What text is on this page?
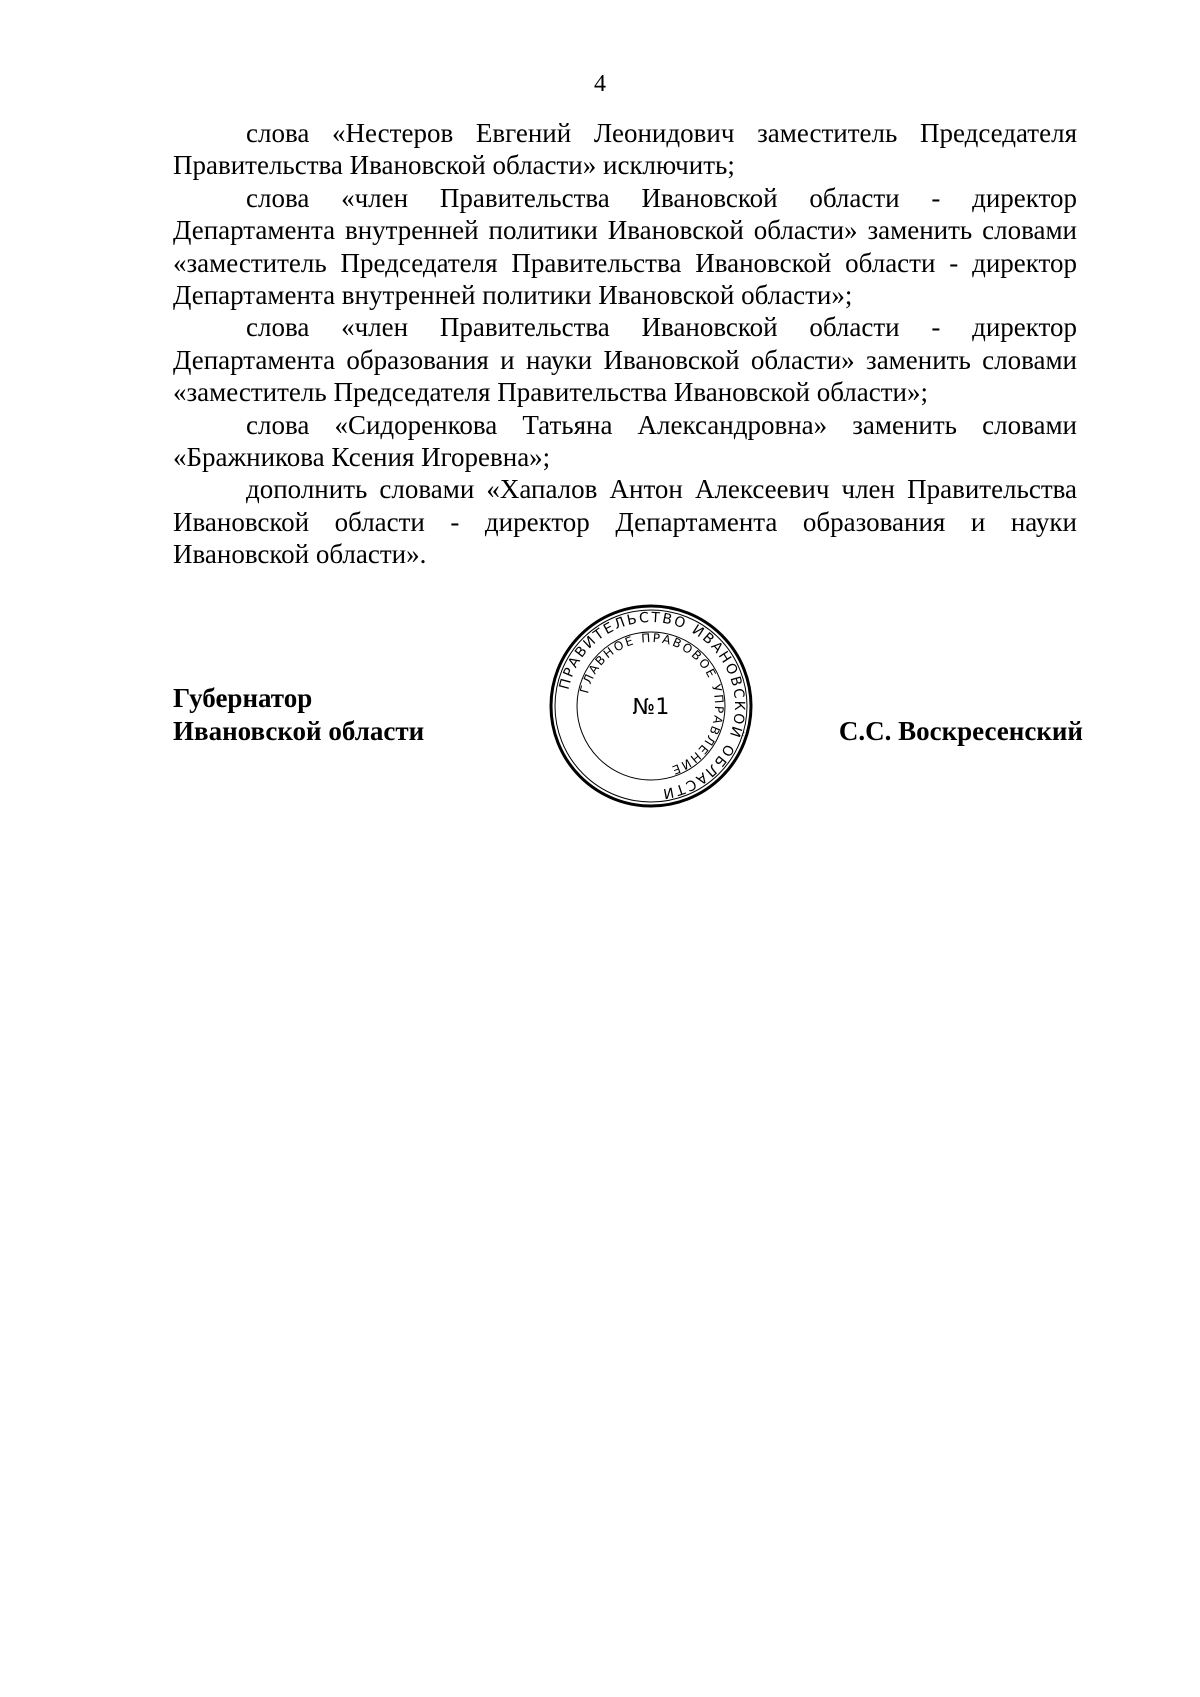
4

слова «Нестеров Евгений Леонидович заместитель Председателя Правительства Ивановской области» исключить;

слова «член Правительства Ивановской области - директор Департамента внутренней политики Ивановской области» заменить словами «заместитель Председателя Правительства Ивановской области - директор Департамента внутренней политики Ивановской области»;

слова «член Правительства Ивановской области - директор Департамента образования и науки Ивановской области» заменить словами «заместитель Председателя Правительства Ивановской области»;

слова «Сидоренкова Татьяна Александровна» заменить словами «Бражникова Ксения Игоревна»;

дополнить словами «Хапалов Антон Алексеевич член Правительства Ивановской области - директор Департамента образования и науки Ивановской области».

ПРАВИТЕЛЬСТВО ИВАНОВСКОЙ ОБЛАСТИ
ГЛАВНОЕ ПРАВОВОЕ УПРАВЛЕНИЕ
№1
Губернатор
Ивановской области	С.С. Воскресенский
